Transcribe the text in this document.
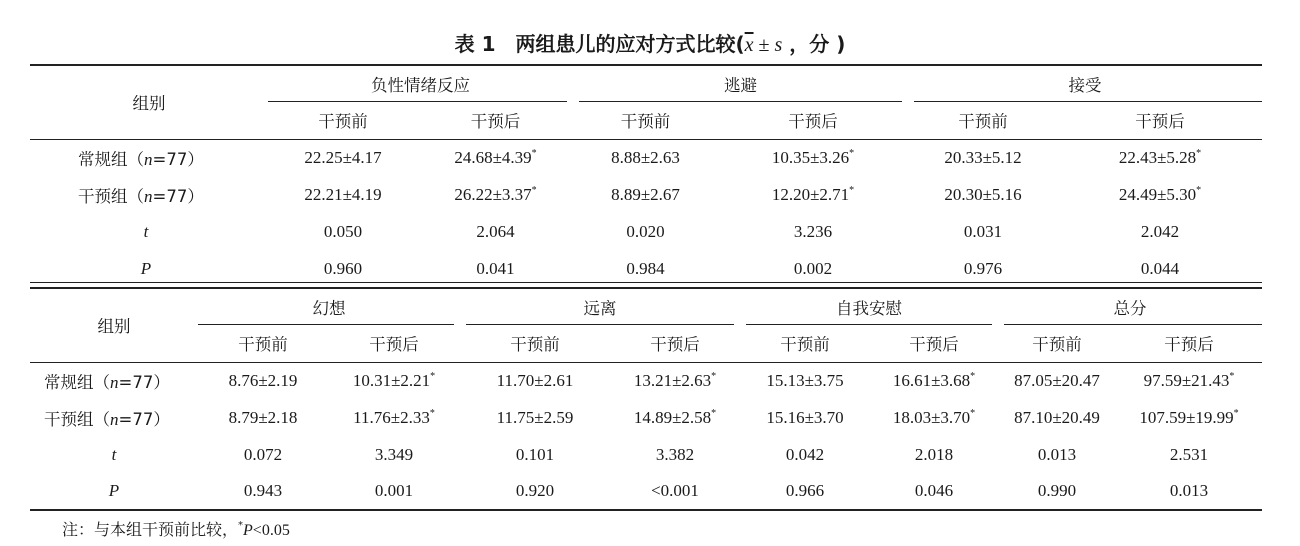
表 1　两组患儿的应对方式比较($\overline{x} \pm s$ ，分 )
组别	负性情绪反应		逃避		接受	

	干预前	干预后	干预前	干预后	干预前	干预后
常规组（n=77）	22.25±4.17	24.68±4.39*	8.88±2.63	10.35±3.26*	20.33±5.12	22.43±5.28*
干预组（n=77）	22.21±4.19	26.22±3.37*	8.89±2.67	12.20±2.71*	20.30±5.16	24.49±5.30*
t	0.050	2.064	0.020	3.236	0.031	2.042
P	0.960	0.041	0.984	0.002	0.976	0.044
组别	幻想		远离		自我安慰		总分	

	干预前	干预后	干预前	干预后	干预前	干预后	干预前	干预后
常规组（n=77）	8.76±2.19	10.31±2.21*	11.70±2.61	13.21±2.63*	15.13±3.75	16.61±3.68*	87.05±20.47	97.59±21.43*
干预组（n=77）	8.79±2.18	11.76±2.33*	11.75±2.59	14.89±2.58*	15.16±3.70	18.03±3.70*	87.10±20.49	107.59±19.99*
t	0.072	3.349	0.101	3.382	0.042	2.018	0.013	2.531
P	0.943	0.001	0.920	<0.001	0.966	0.046	0.990	0.013
注：与本组干预前比较，*P<0.05
